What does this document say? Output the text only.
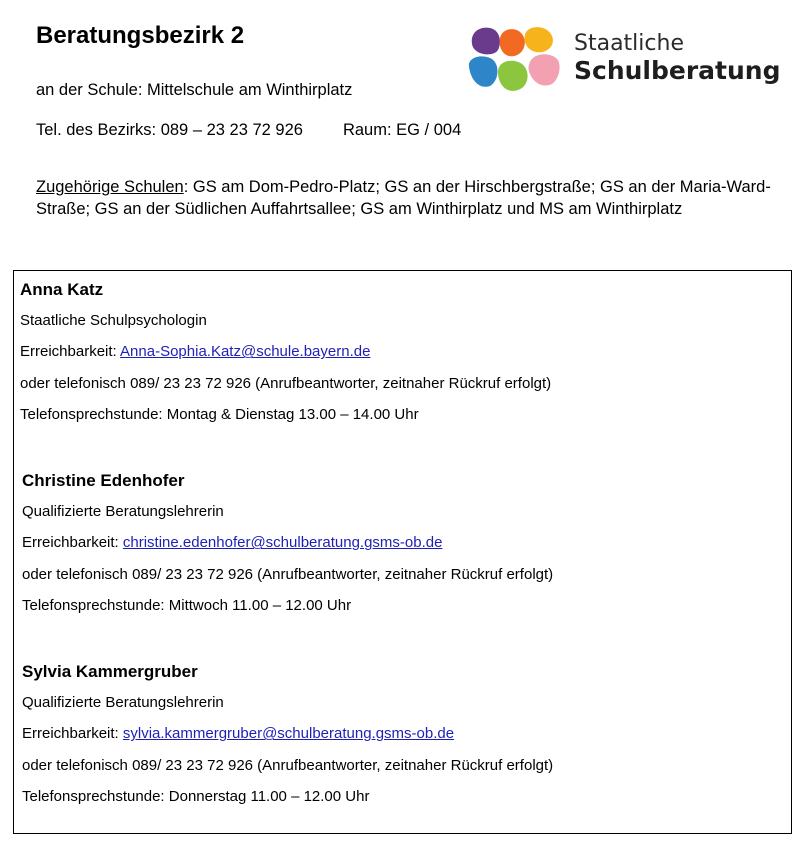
Beratungsbezirk 2
an der Schule: Mittelschule am Winthirplatz
Tel. des Bezirks: 089 – 23 23 72 926 Raum: EG / 004
Zugehörige Schulen: GS am Dom-Pedro-Platz; GS an der Hirschbergstraße; GS an der Maria-Ward-Straße; GS an der Südlichen Auffahrtsallee; GS am Winthirplatz und MS am Winthirplatz
Staatliche
Schulberatung
Anna Katz
Staatliche Schulpsychologin
Erreichbarkeit: Anna-Sophia.Katz@schule.bayern.de
oder telefonisch 089/ 23 23 72 926 (Anrufbeantworter, zeitnaher Rückruf erfolgt)
Telefonsprechstunde: Montag & Dienstag 13.00 – 14.00 Uhr
Christine Edenhofer
Qualifizierte Beratungslehrerin
Erreichbarkeit: christine.edenhofer@schulberatung.gsms-ob.de
oder telefonisch 089/ 23 23 72 926 (Anrufbeantworter, zeitnaher Rückruf erfolgt)
Telefonsprechstunde: Mittwoch 11.00 – 12.00 Uhr
Sylvia Kammergruber
Qualifizierte Beratungslehrerin
Erreichbarkeit: sylvia.kammergruber@schulberatung.gsms-ob.de
oder telefonisch 089/ 23 23 72 926 (Anrufbeantworter, zeitnaher Rückruf erfolgt)
Telefonsprechstunde: Donnerstag 11.00 – 12.00 Uhr
